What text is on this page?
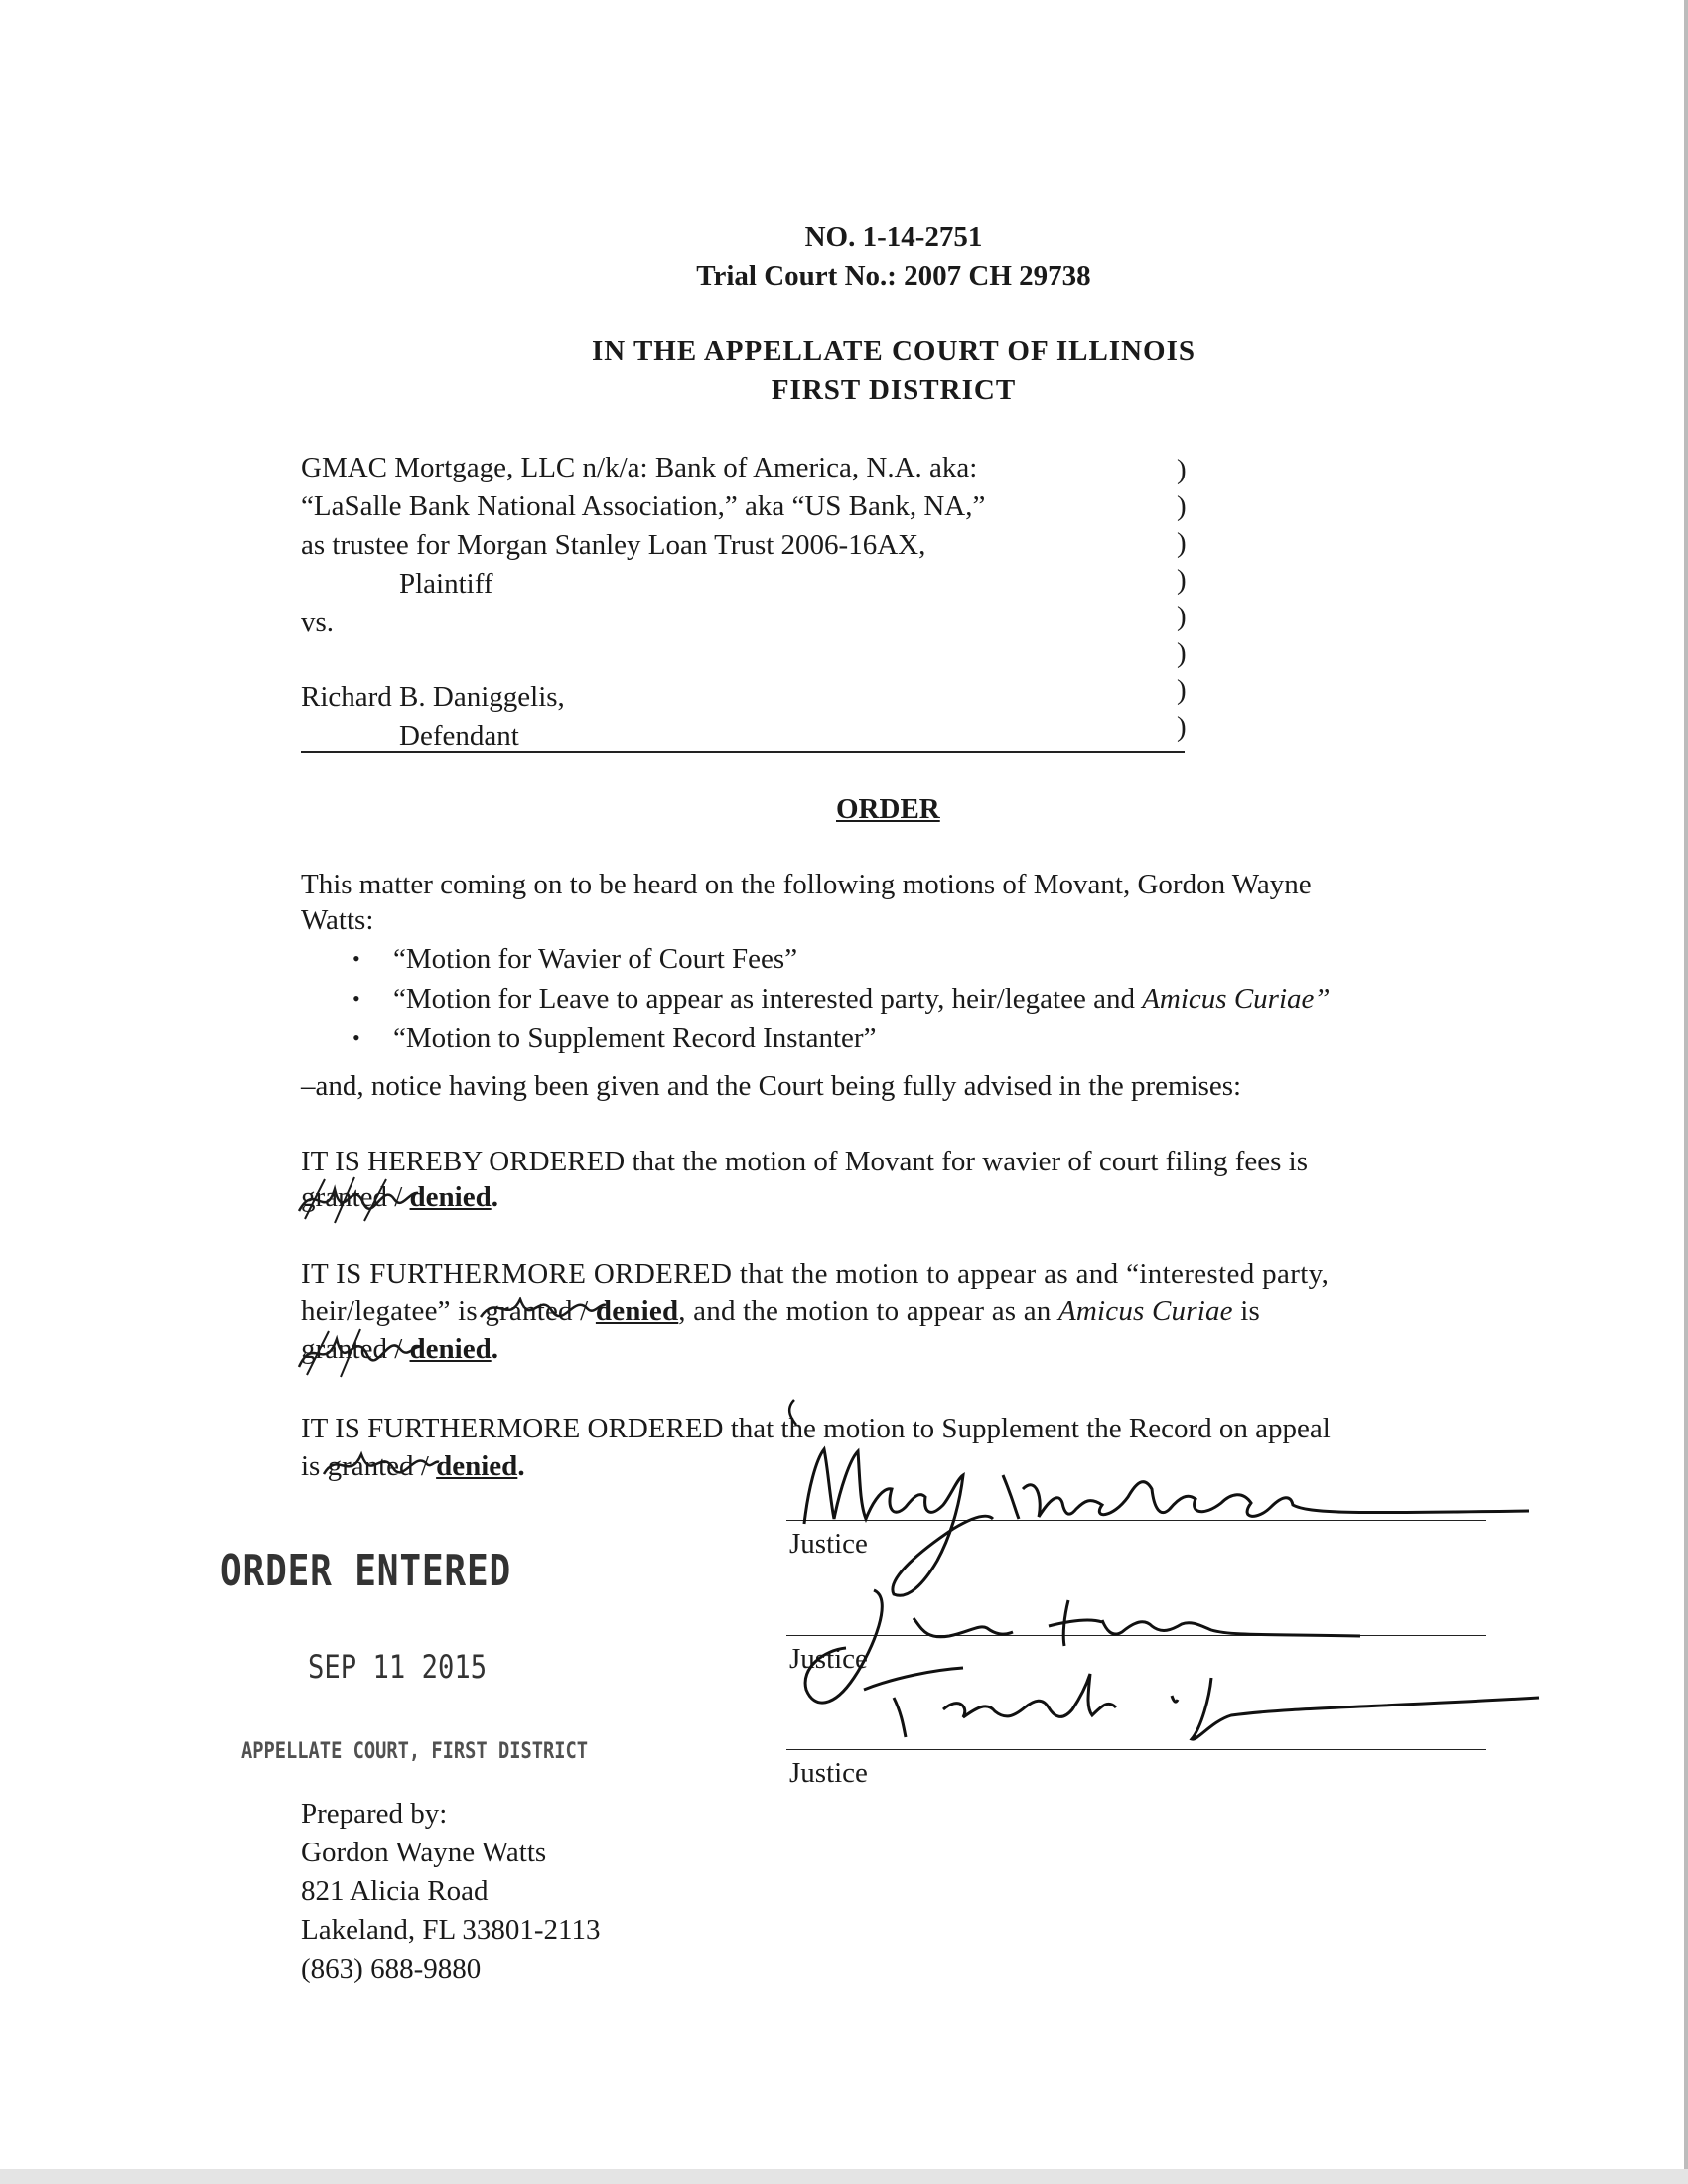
NO. 1-14-2751
Trial Court No.: 2007 CH 29738
IN THE APPELLATE COURT OF ILLINOIS
FIRST DISTRICT
GMAC Mortgage, LLC n/k/a: Bank of America, N.A. aka:
“LaSalle Bank National Association,” aka “US Bank, NA,”
as trustee for Morgan Stanley Loan Trust 2006-16AX,
Plaintiff
vs.
Richard B. Daniggelis,
Defendant
)
)
)
)
)
)
)
)
ORDER
This matter coming on to be heard on the following motions of Movant, Gordon Wayne
Watts:
• “Motion for Wavier of Court Fees”
• “Motion for Leave to appear as interested party, heir/legatee and Amicus Curiae”
• “Motion to Supplement Record Instanter”
–and, notice having been given and the Court being fully advised in the premises:
IT IS HEREBY ORDERED that the motion of Movant for wavier of court filing fees is
granted
/ denied.
IT IS FURTHERMORE ORDERED that the motion to appear as and “interested party,
heir/legatee” is granted
/ denied, and the motion to appear as an Amicus Curiae is
granted
/ denied.
IT IS FURTHERMORE ORDERED that the motion to Supplement the Record on appeal
is granted
/ denied.
ORDER ENTERED
SEP 11 2015
APPELLATE COURT, FIRST DISTRICT
Justice
Justice
Justice
Prepared by:
Gordon Wayne Watts
821 Alicia Road
Lakeland, FL 33801-2113
(863) 688-9880
